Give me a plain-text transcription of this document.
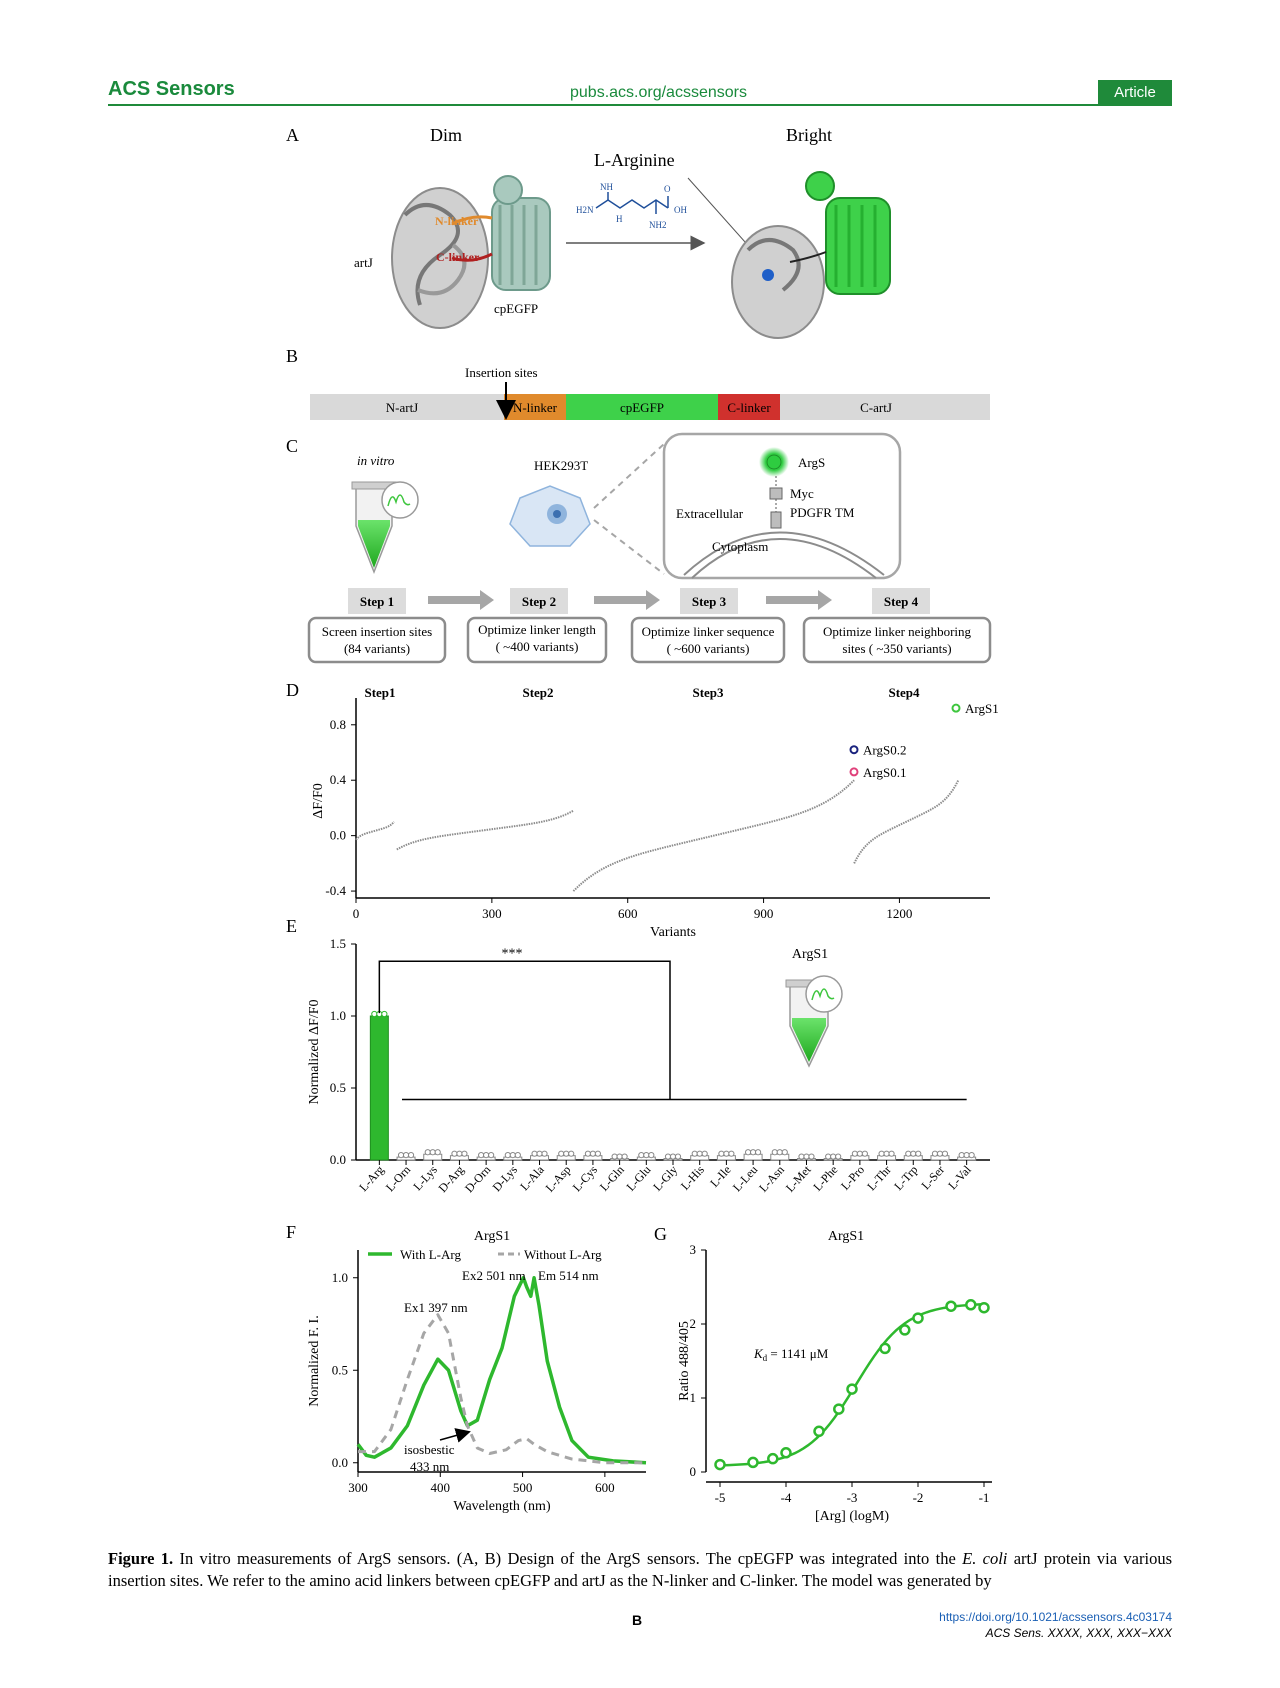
ACS Sensors	pubs.acs.org/acssensors	Article
A	Dim	Bright
L-Arginine
N-linker
C-linker
artJ
cpEGFP
NH
H2N
H
O
OH
NH2
B
Insertion sites
N-artJ	N-linker	cpEGFP	C-linker	C-artJ
C
in vitro	HEK293T	ArgS
Myc
Extracellular	PDGFR TM
Cytoplasm
Step 1	Step 2	Step 3	Step 4
Screen insertion sites
(84 variants)
Optimize linker length
( ~400 variants)
Optimize linker sequence
( ~600 variants)
Optimize linker neighboring
sites ( ~350 variants)
D
0	300	600	900	1200
0.8
0.4
0.0
-0.4
Variants
ΔF/F0
Step1	Step2	Step3	Step4
ArgS1
ArgS0.2
ArgS0.1
E
ArgS1
1.5
1.0
0.5
0.0
Normalized ΔF/F0
L-Arg
L-Orn
L-Lys
D-Arg
D-Orn
D-Lys
L-Ala
L-Asp
L-Cys
L-Gln
L-Glu
L-Gly
L-His L-Ile
L-Leu
L-Asn
L-Met
L-Phe
L-Pro
L-Thr
L-Trp
L-Ser
L-Val
***
F	ArgS1
300	400	500	600
1.0
0.5
0.0
Wavelength (nm)
Normalized F. I.
With L-Arg	Without L-Arg
Ex2 501 nm Em 514 nm
Ex1 397 nm
isosbestic
433 nm
G	ArgS1
-5	-4	-3	-2	-1
3
2
1
0
[Arg] (logM)
Ratio 488/405	$K_d = 1141$ μM
Figure 1. In vitro measurements of ArgS sensors. (A, B) Design of the ArgS sensors. The cpEGFP was integrated into the E. coli artJ protein via various insertion sites. We refer to the amino acid linkers between cpEGFP and artJ as the N-linker and C-linker. The model was generated by
B	https://doi.org/10.1021/acssensors.4c03174
ACS Sens. XXXX, XXX, XXX−XXX
